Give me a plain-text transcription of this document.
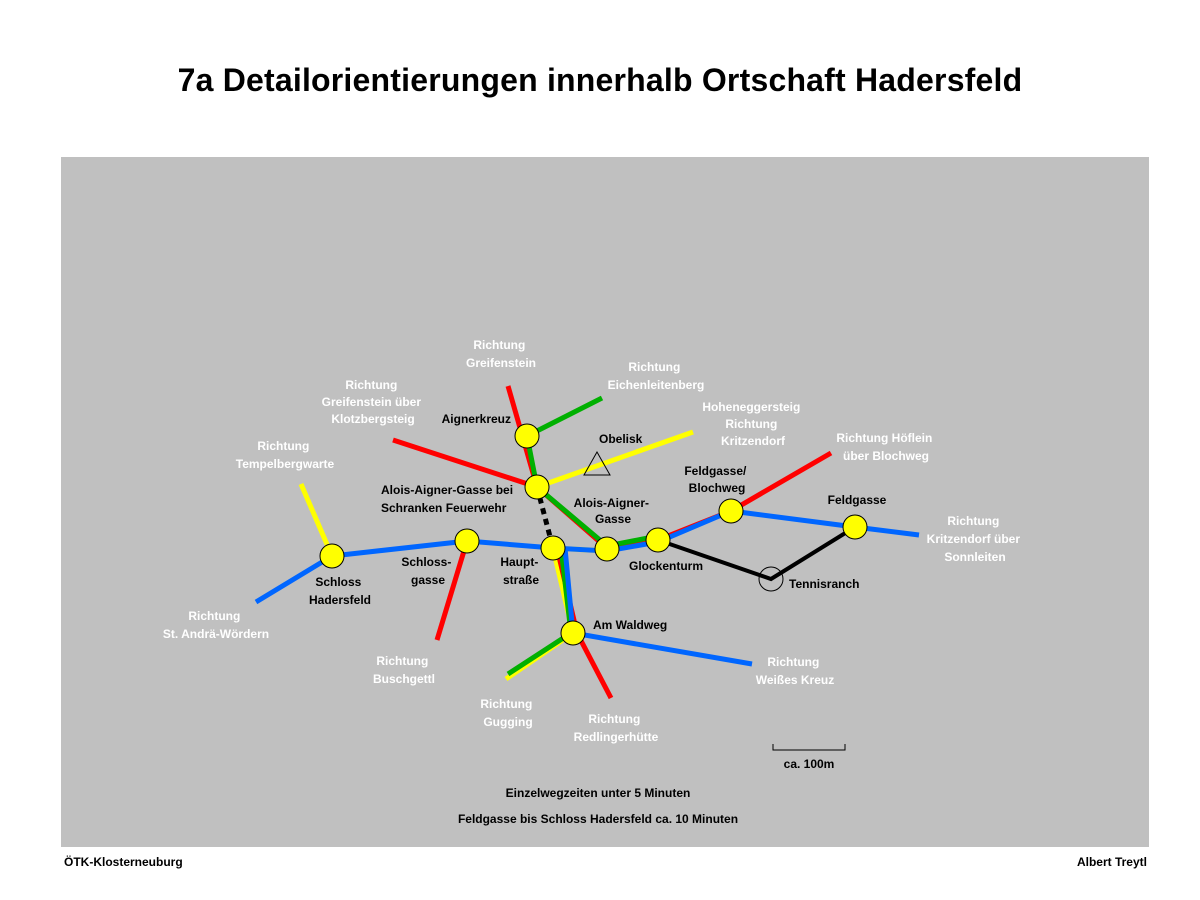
7a Detailorientierungen innerhalb Ortschaft Hadersfeld
Aignerkreuz
Obelisk
Alois-Aigner-Gasse bei Schranken Feuerwehr	Alois-Aigner- Gasse
Feldgasse/ Blochweg
Feldgasse
Schloss- gasse
Haupt- straße
Glockenturm
Tennisranch
Schloss Hadersfeld
Am Waldweg
Richtung Greifenstein	Richtung Eichenleitenberg
Richtung Greifenstein über Klotzbergsteig
Hoheneggersteig Richtung Kritzendorf	Richtung Höflein über Blochweg
Richtung Tempelbergwarte
Richtung Kritzendorf über Sonnleiten
Richtung St. Andrä-Wördern
Richtung Buschgettl
Richtung Gugging	Richtung Redlingerhütte
Richtung Weißes Kreuz
ca. 100m
Einzelwegzeiten unter 5 Minuten
Feldgasse bis Schloss Hadersfeld ca. 10 Minuten
ÖTK-Klosterneuburg	Albert Treytl
